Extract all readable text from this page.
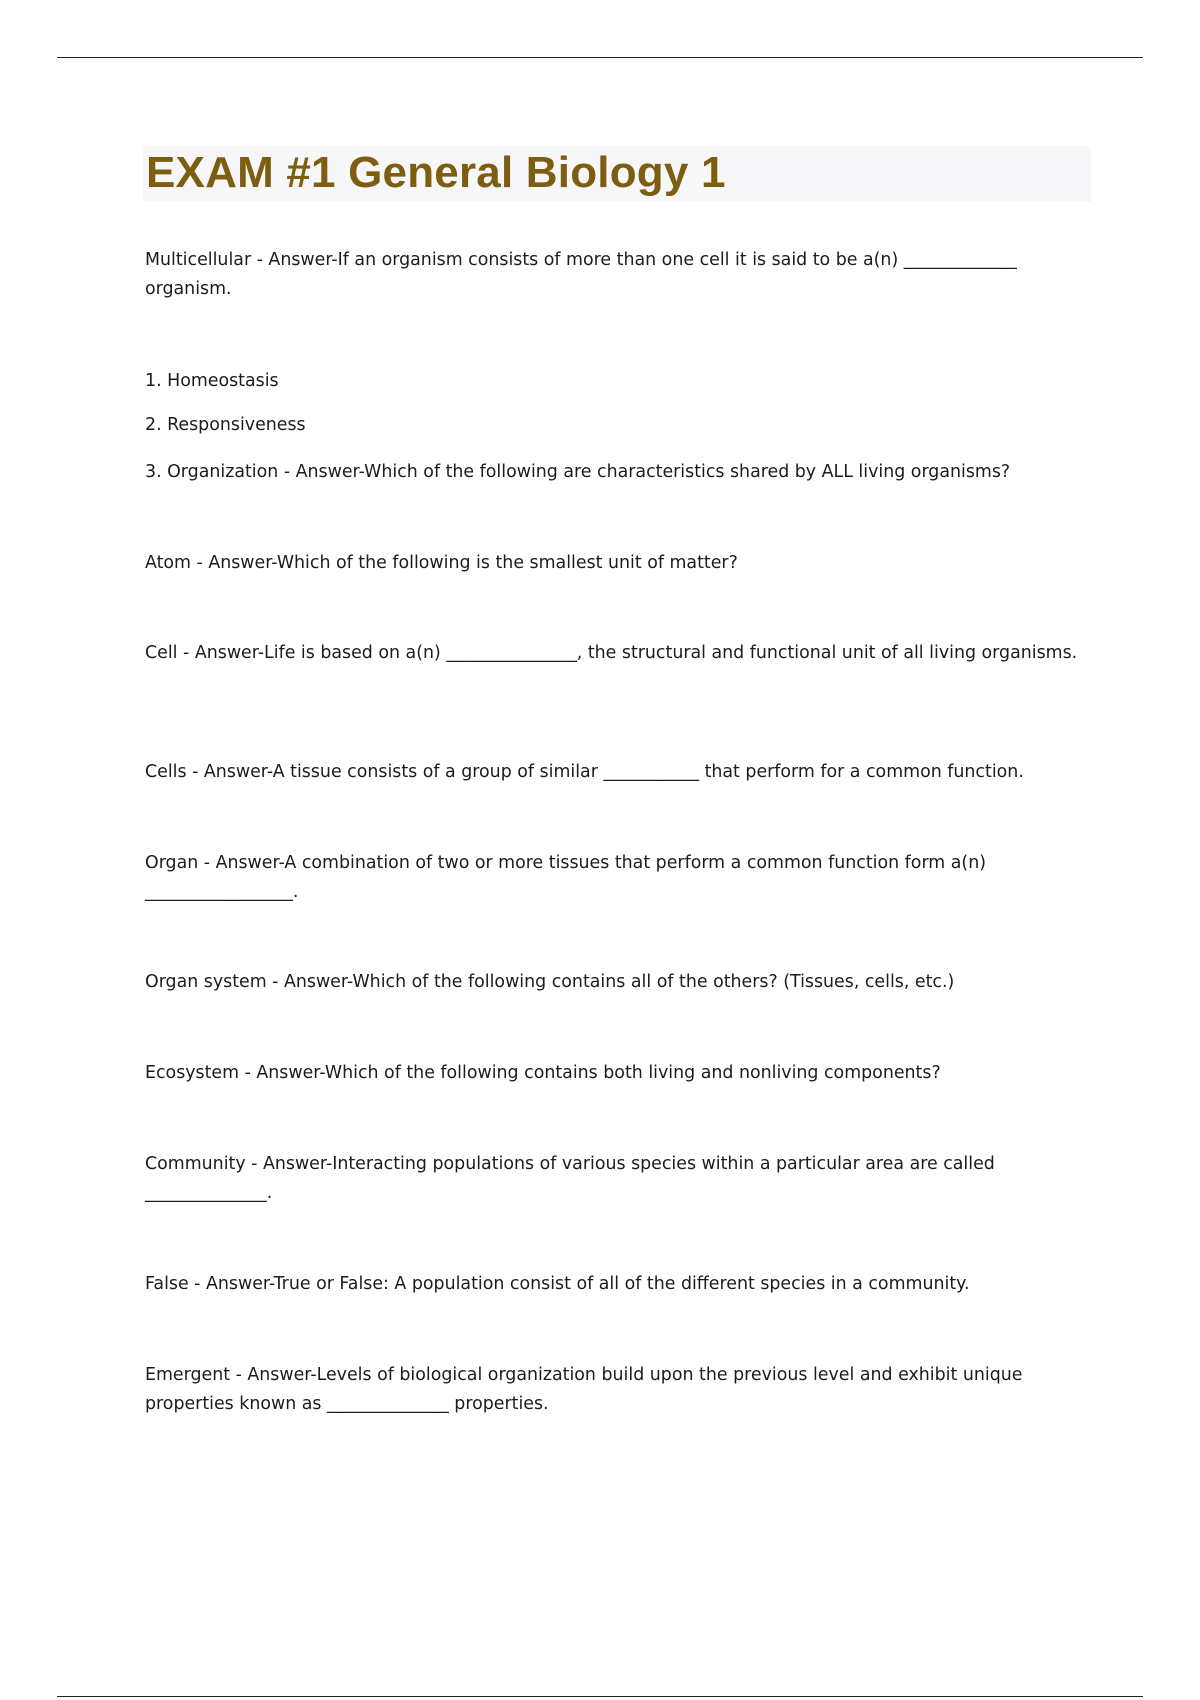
EXAM #1 General Biology 1

Multicellular - Answer-If an organism consists of more than one cell it is said to be a(n) _____________ organism.

1. Homeostasis

2. Responsiveness

3. Organization - Answer-Which of the following are characteristics shared by ALL living organisms?

Atom - Answer-Which of the following is the smallest unit of matter?

Cell - Answer-Life is based on a(n) _______________, the structural and functional unit of all living organisms.

Cells - Answer-A tissue consists of a group of similar ___________ that perform for a common function.

Organ - Answer-A combination of two or more tissues that perform a common function form a(n) _________________.

Organ system - Answer-Which of the following contains all of the others? (Tissues, cells, etc.)

Ecosystem - Answer-Which of the following contains both living and nonliving components?

Community - Answer-Interacting populations of various species within a particular area are called ______________.

False - Answer-True or False: A population consist of all of the different species in a community.

Emergent - Answer-Levels of biological organization build upon the previous level and exhibit unique properties known as ______________ properties.
